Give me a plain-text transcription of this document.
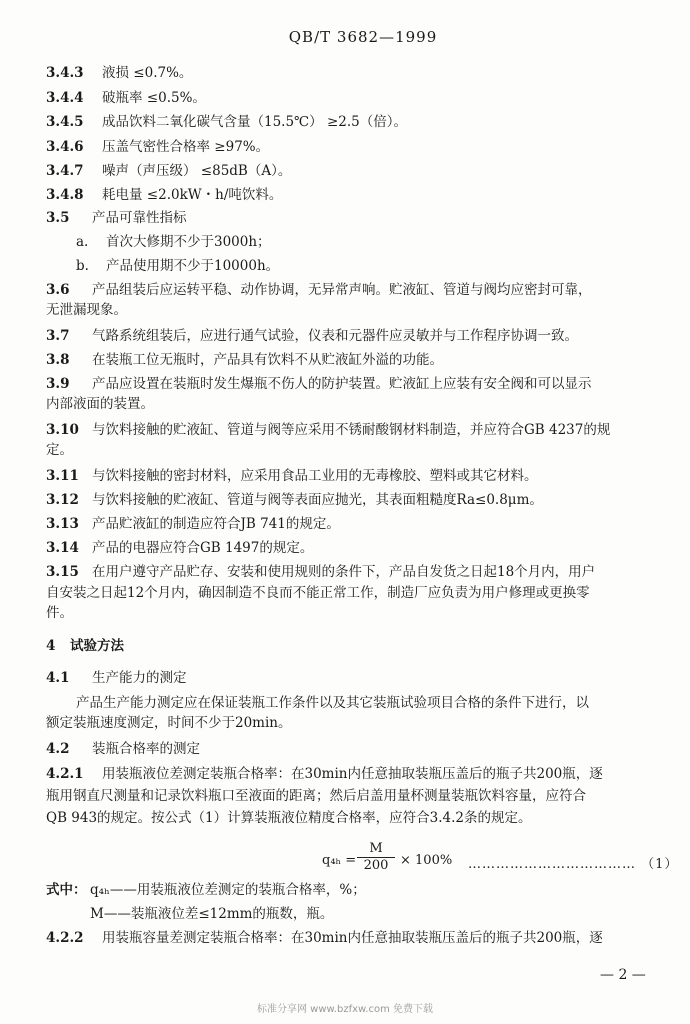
QB/T 3682—1999
3.4.3 液损 ≤0.7%。
3.4.4 破瓶率 ≤0.5%。
3.4.5 成品饮料二氧化碳气含量（15.5℃） ≥2.5（倍）。
3.4.6 压盖气密性合格率 ≥97%。
3.4.7 噪声（声压级） ≤85dB（A）。
3.4.8 耗电量 ≤2.0kW・h/吨饮料。
3.5 产品可靠性指标
a. 首次大修期不少于3000h；
b. 产品使用期不少于10000h。
3.6 产品组装后应运转平稳、动作协调，无异常声响。贮液缸、管道与阀均应密封可靠，
无泄漏现象。
3.7 气路系统组装后，应进行通气试验，仪表和元器件应灵敏并与工作程序协调一致。
3.8 在装瓶工位无瓶时，产品具有饮料不从贮液缸外溢的功能。
3.9 产品应设置在装瓶时发生爆瓶不伤人的防护装置。贮液缸上应装有安全阀和可以显示
内部液面的装置。
3.10 与饮料接触的贮液缸、管道与阀等应采用不锈耐酸钢材料制造，并应符合GB 4237的规
定。
3.11 与饮料接触的密封材料，应采用食品工业用的无毒橡胶、塑料或其它材料。
3.12 与饮料接触的贮液缸、管道与阀等表面应抛光，其表面粗糙度Ra≤0.8μm。
3.13 产品贮液缸的制造应符合JB 741的规定。
3.14 产品的电器应符合GB 1497的规定。
3.15 在用户遵守产品贮存、安装和使用规则的条件下，产品自发货之日起18个月内，用户
自安装之日起12个月内，确因制造不良而不能正常工作，制造厂应负责为用户修理或更换零
件。
4 试验方法
4.1 生产能力的测定
产品生产能力测定应在保证装瓶工作条件以及其它装瓶试验项目合格的条件下进行，以
额定装瓶速度测定，时间不少于20min。
4.2 装瓶合格率的测定
4.2.1 用装瓶液位差测定装瓶合格率：在30min内任意抽取装瓶压盖后的瓶子共200瓶，逐
瓶用钢直尺测量和记录饮料瓶口至液面的距离；然后启盖用量杯测量装瓶饮料容量，应符合
QB 943的规定。按公式（1）计算装瓶液位精度合格率，应符合3.4.2条的规定。
$q_{4h} = \frac{M}{200} \times 100\%$ ……………………………… （1）
式中： q₄ₕ——用装瓶液位差测定的装瓶合格率，%；
M——装瓶液位差≤12mm的瓶数，瓶。
4.2.2 用装瓶容量差测定装瓶合格率：在30min内任意抽取装瓶压盖后的瓶子共200瓶，逐
— 2 —
标准分享网 www.bzfxw.com 免费下载
